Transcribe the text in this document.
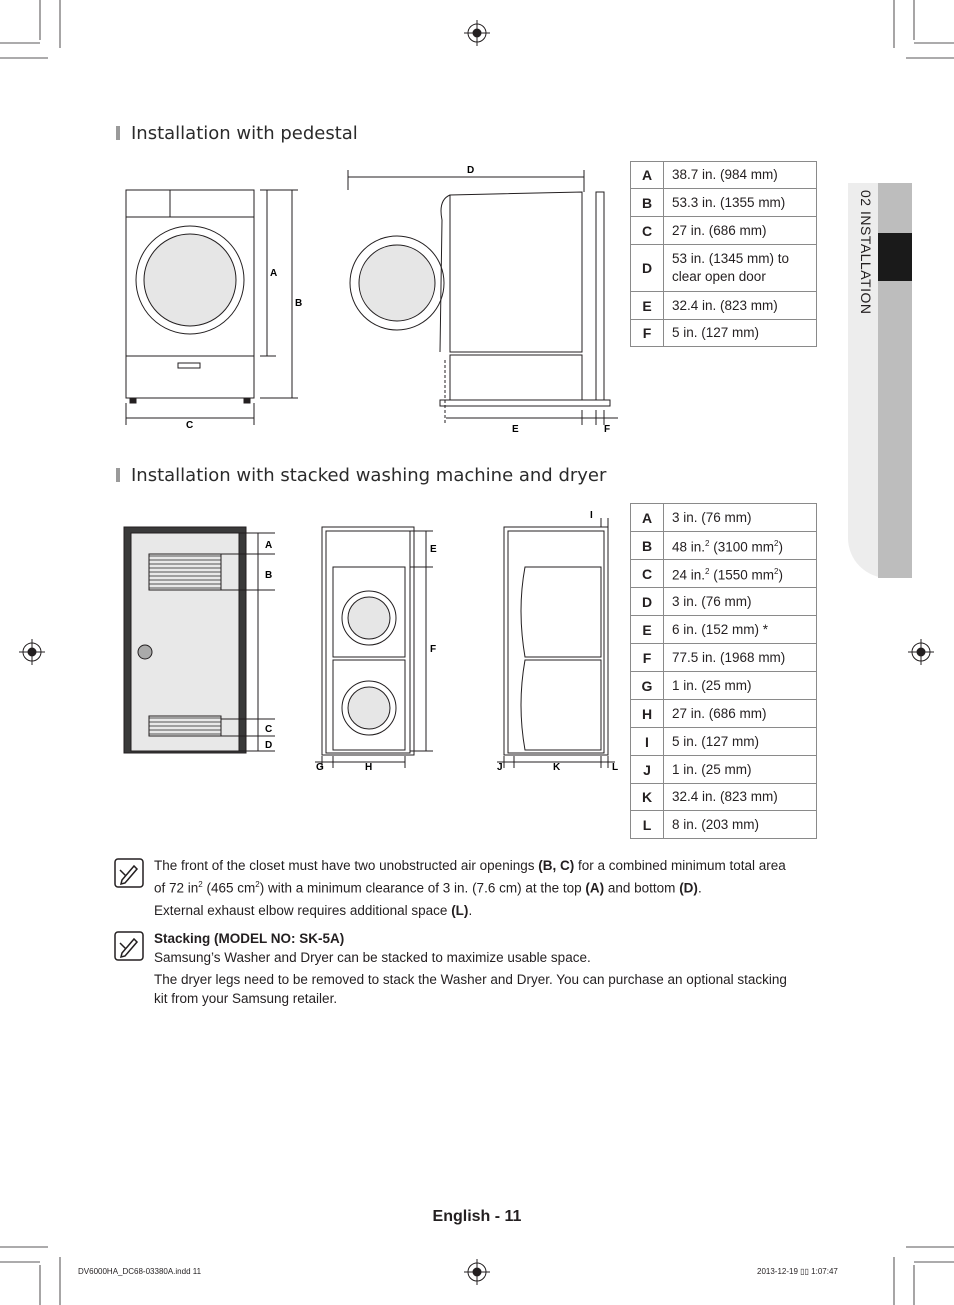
02 INSTALLATION
Installation with pedestal
A
B
C
D
E	F
A	38.7 in. (984 mm)
B	53.3 in. (1355 mm)
C	27 in. (686 mm)
D	53 in. (1345 mm) to clear open door
E	32.4 in. (823 mm)
F	5 in. (127 mm)
Installation with stacked washing machine and dryer
A
B
C
D
E
F
G	H
I
J	K	L
A	3 in. (76 mm)
B	48 in.$^2$ (3100 $mm^2$)
C	24 in.$^2$ (1550 $mm^2$)
D	3 in. (76 mm)
E	6 in. (152 mm) *
F	77.5 in. (1968 mm)
G	1 in. (25 mm)
H	27 in. (686 mm)
I	5 in. (127 mm)
J	1 in. (25 mm)
K	32.4 in. (823 mm)
L	8 in. (203 mm)

The front of the closet must have two unobstructed air openings (B, C) for a combined minimum total area of 72 $in^2$ (465 $cm^2$) with a minimum clearance of 3 in. (7.6 cm) at the top (A) and bottom (D).

External exhaust elbow requires additional space (L).

Stacking (MODEL NO: SK-5A)

Samsung’s Washer and Dryer can be stacked to maximize usable space.

The dryer legs need to be removed to stack the Washer and Dryer. You can purchase an optional stacking kit from your Samsung retailer.

English - 11
DV6000HA_DC68-03380A.indd 11	2013-12-19 ▯▯ 1:07:47
